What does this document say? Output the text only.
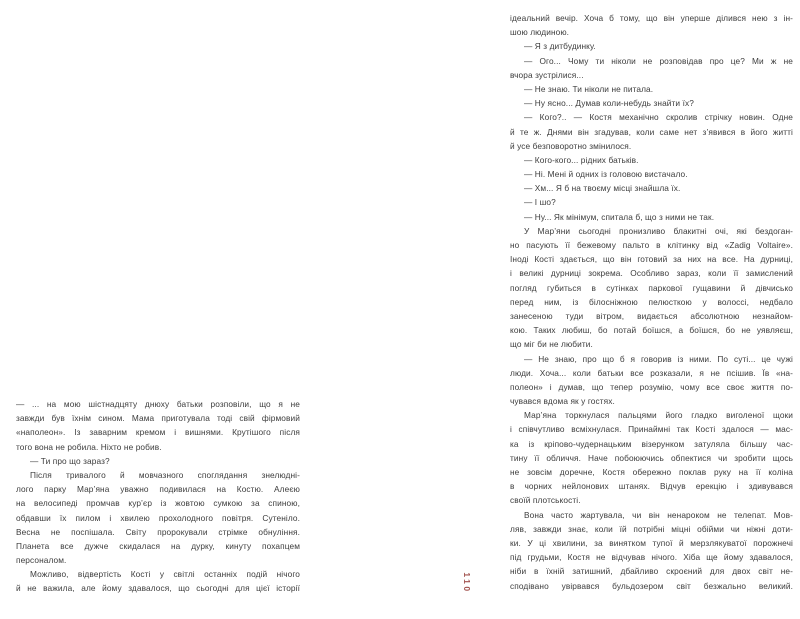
— ... на мою шістнадцяту днюху батьки розповіли, що я не
завжди був їхнім сином. Мама приготувала тоді свій фірмовий
«наполеон». Із заварним кремом і вишнями. Крутішого після
того вона не робила. Ніхто не робив.
— Ти про що зараз?
Після тривалого й мовчазного споглядання знелюдні-
лого парку Мар’яна уважно подивилася на Костю. Алеєю
на велосипеді промчав кур’єр із жовтою сумкою за спиною,
обдавши їх пилом і хвилею прохолодного повітря. Сутеніло.
Весна не поспішала. Світу пророкували стрімке обнуління.
Планета все дужче скидалася на дурку, кинуту похапцем
персоналом.
Можливо, відвертість Кості у світлі останніх подій нічого
й не важила, але йому здавалося, що сьогодні для цієї історії
ідеальний вечір. Хоча б тому, що він уперше ділився нею з ін-
шою людиною.
— Я з дитбудинку.
— Ого... Чому ти ніколи не розповідав про це? Ми ж не
вчора зустрілися...
— Не знаю. Ти ніколи не питала.
— Ну ясно... Думав коли-небудь знайти їх?
— Кого?.. — Костя механічно скролив стрічку новин. Одне
й те ж. Днями він згадував, коли саме нет з’явився в його житті
й усе безповоротно змінилося.
— Кого-кого... рідних батьків.
— Ні. Мені й одних із головою вистачало.
— Хм... Я б на твоєму місці знайшла їх.
— І шо?
— Ну... Як мінімум, спитала б, що з ними не так.
У Мар’яни сьогодні пронизливо блакитні очі, які бездоган-
но пасують її бежевому пальто в клітинку від «Zadig Voltaire».
Іноді Кості здається, що він готовий за них на все. На дурниці,
і великі дурниці зокрема. Особливо зараз, коли її замислений
погляд губиться в сутінках паркової гущавини й дівчисько
перед ним, із білосніжною пелюсткою у волоссі, недбало
занесеною туди вітром, видається абсолютною незнайом-
кою. Таких любиш, бо потай боїшся, а боїшся, бо не уявляєш,
що міг би не любити.
— Не знаю, про що б я говорив із ними. По суті... це чужі
люди. Хоча... коли батьки все розказали, я не псішив. Їв «на-
полеон» і думав, що тепер розумію, чому все своє життя по-
чувався вдома як у гостях.
Мар’яна торкнулася пальцями його гладко виголеної щоки
і співчутливо всміхнулася. Принаймні так Кості здалося — мас-
ка із кріпово-чудернацьким візерунком затуляла більшу час-
тину її обличчя. Наче побоюючись обпектися чи зробити щось
не зовсім доречне, Костя обережно поклав руку на її коліна
в чорних нейлонових штанях. Відчув ерекцію і здивувався
своїй плотськості.
Вона часто жартувала, чи він ненароком не телепат. Мов-
ляв, завжди знає, коли їй потрібні міцні обійми чи ніжні доти-
ки. У ці хвилини, за винятком тупої й мерзлякуватої порожнечі
під грудьми, Костя не відчував нічого. Хіба ще йому здавалося,
ніби в їхній затишний, дбайливо скроєний для двох світ не-
сподівано увірвався бульдозером світ безжально великий.
110
